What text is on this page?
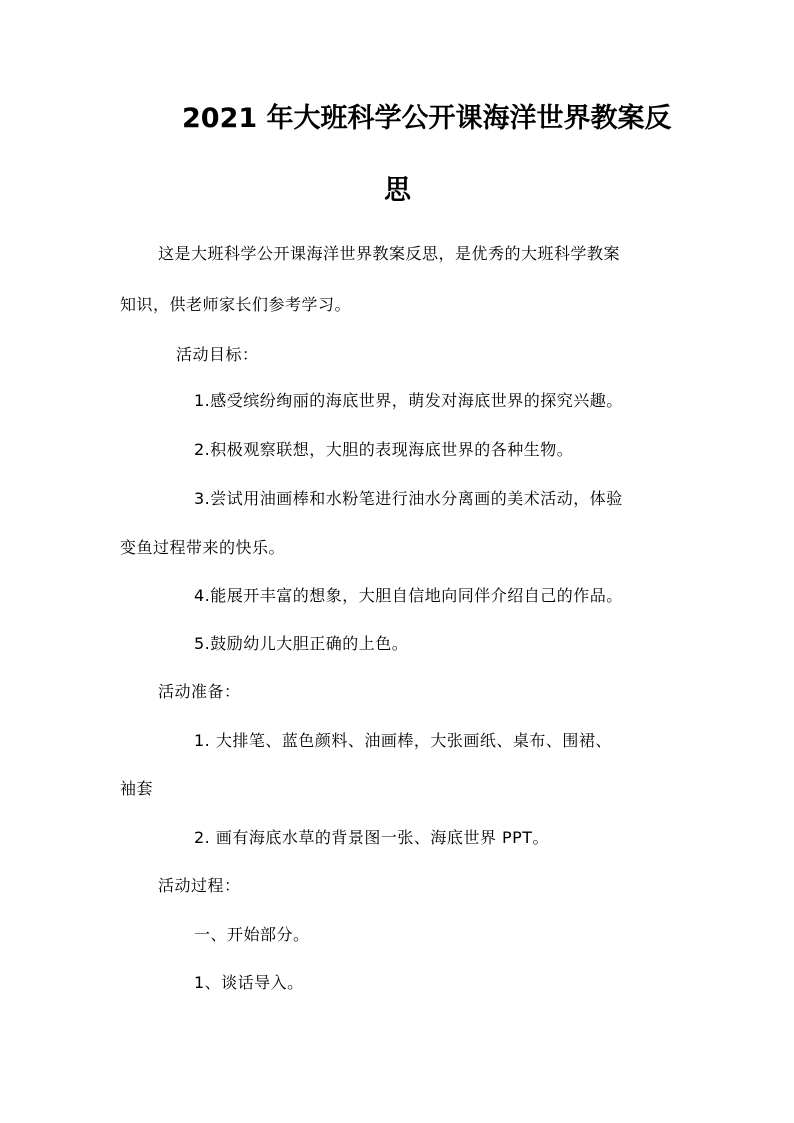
2021 年大班科学公开课海洋世界教案反
思
这是大班科学公开课海洋世界教案反思，是优秀的大班科学教案
知识，供老师家长们参考学习。
活动目标：
1.感受缤纷绚丽的海底世界，萌发对海底世界的探究兴趣。
2.积极观察联想，大胆的表现海底世界的各种生物。
3.尝试用油画棒和水粉笔进行油水分离画的美术活动，体验
变鱼过程带来的快乐。
4.能展开丰富的想象，大胆自信地向同伴介绍自己的作品。
5.鼓励幼儿大胆正确的上色。
活动准备：
1. 大排笔、蓝色颜料、油画棒，大张画纸、桌布、围裙、
袖套
2. 画有海底水草的背景图一张、海底世界 PPT。
活动过程：
一、开始部分。
1、谈话导入。
